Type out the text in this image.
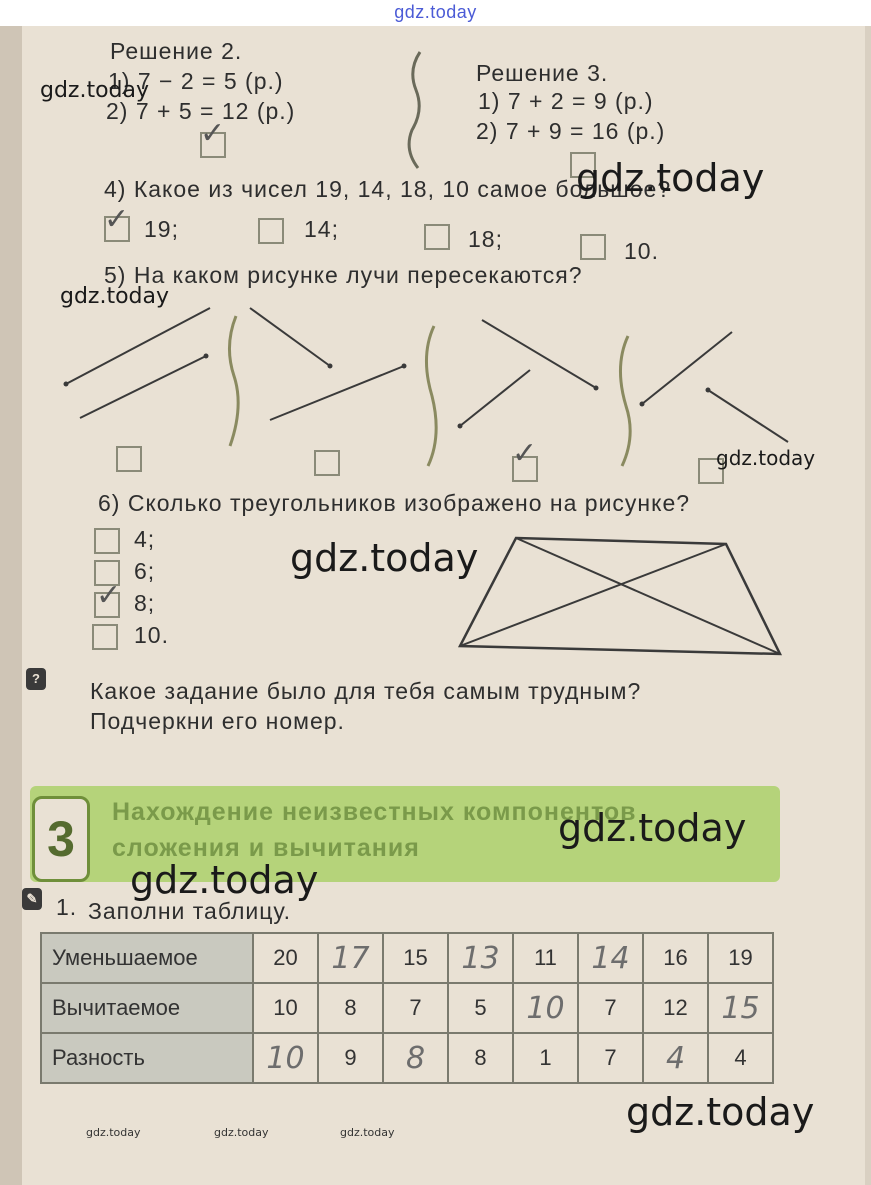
gdz.today
Решение 2.
1) 7 − 2 = 5 (р.)
2) 7 + 5 = 12 (р.)
✓
Решение 3.
1) 7 + 2 = 9 (р.)
2) 7 + 9 = 16 (р.)
4) Какое из чисел 19, 14, 18, 10 самое большое?
✓ 19;	14;	18;	10.
5) На каком рисунке лучи пересекаются?
✓
6) Сколько треугольников изображено на рисунке?
4;
6;
✓ 8;
10.
? Какое задание было для тебя самым трудным?
Подчеркни его номер.
3	Нахождение неизвестных компонентов
сложения и вычитания
✎ 1. Заполни таблицу.
Уменьшаемое	20	17	15	13	11	14	16	19
Вычитаемое	10	8	7	5	10	7	12	15
Разность	10	9	8	8	1	7	4	4
gdz.today
gdz.today
gdz.today
gdz.today
gdz.today
gdz.today
gdz.today
gdz.today
gdz.today	gdz.today	gdz.today
